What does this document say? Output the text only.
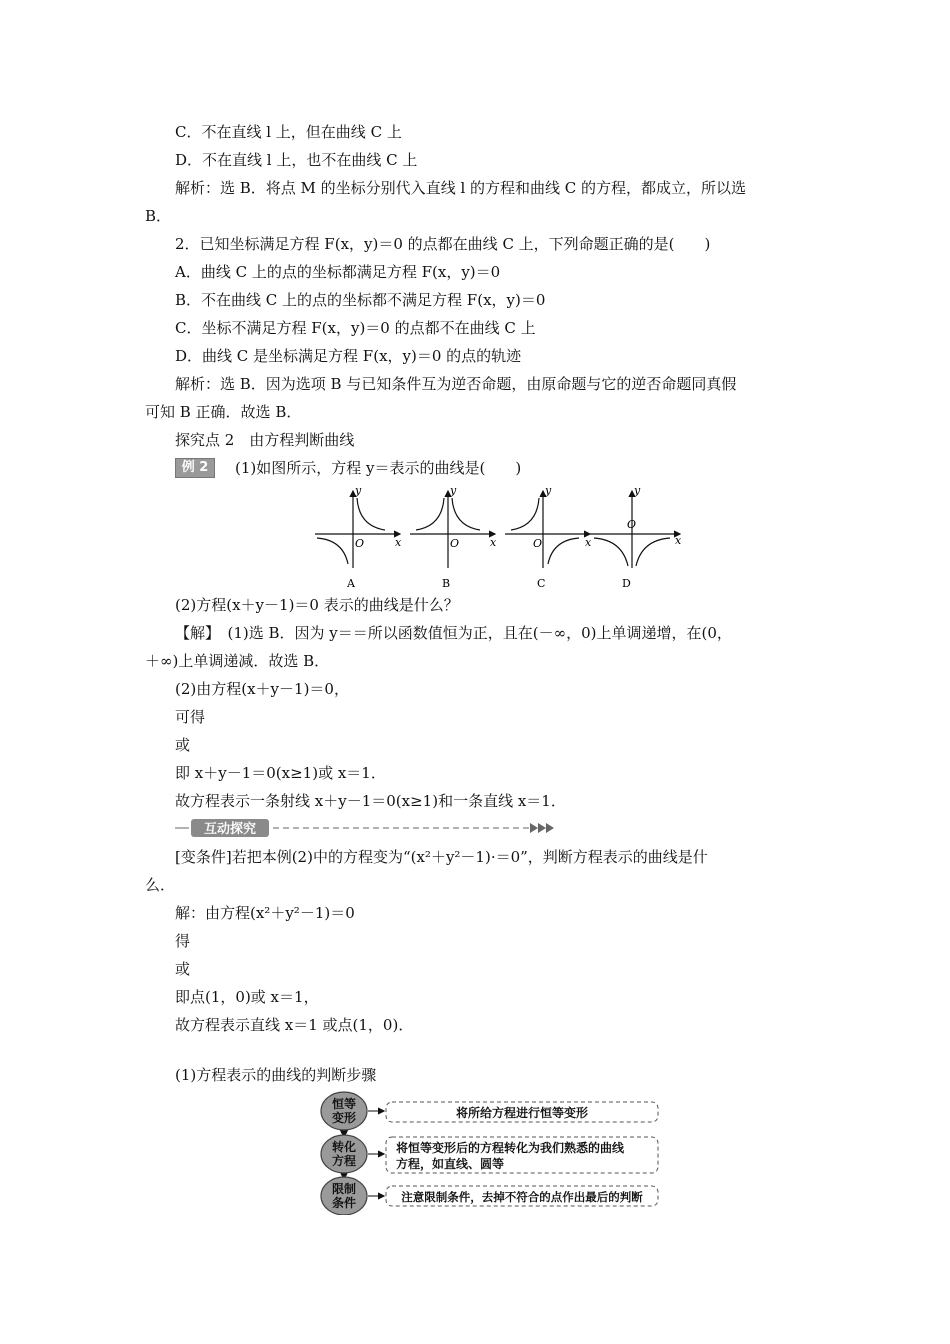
C．不在直线 l 上，但在曲线 C 上
D．不在直线 l 上，也不在曲线 C 上
解析：选 B．将点 M 的坐标分别代入直线 l 的方程和曲线 C 的方程，都成立，所以选
B．
2．已知坐标满足方程 F(x，y)＝0 的点都在曲线 C 上，下列命题正确的是(　　)
A．曲线 C 上的点的坐标都满足方程 F(x，y)＝0
B．不在曲线 C 上的点的坐标都不满足方程 F(x，y)＝0
C．坐标不满足方程 F(x，y)＝0 的点都不在曲线 C 上
D．曲线 C 是坐标满足方程 F(x，y)＝0 的点的轨迹
解析：选 B．因为选项 B 与已知条件互为逆否命题，由原命题与它的逆否命题同真假
可知 B 正确．故选 B．
探究点 2　由方程判断曲线
例 2	(1)如图所示，方程 y＝表示的曲线是(　　)
y
x
O
A
y
x
O
B
y
x
O
C
y
x
O
D
(2)方程(x＋y－1)＝0 表示的曲线是什么？
【解】　(1)选 B．因为 y＝＝所以函数值恒为正，且在(－∞，0)上单调递增，在(0，
＋∞)上单调递减．故选 B．
(2)由方程(x＋y－1)＝0，
可得
或
即 x＋y－1＝0(x≥1)或 x＝1．
故方程表示一条射线 x＋y－1＝0(x≥1)和一条直线 x＝1．
互动探究
[变条件]若把本例(2)中的方程变为“(x²＋y²－1)·＝0”，判断方程表示的曲线是什
么．
解：由方程(x²＋y²－1)＝0
得
或
即点(1，0)或 x＝1，
故方程表示直线 x＝1 或点(1，0)．
(1)方程表示的曲线的判断步骤
恒等
变形	将所给方程进行恒等变形
转化
方程
将恒等变形后的方程转化为我们熟悉的曲线
方程，如直线、圆等
限制
条件	注意限制条件，去掉不符合的点作出最后的判断
